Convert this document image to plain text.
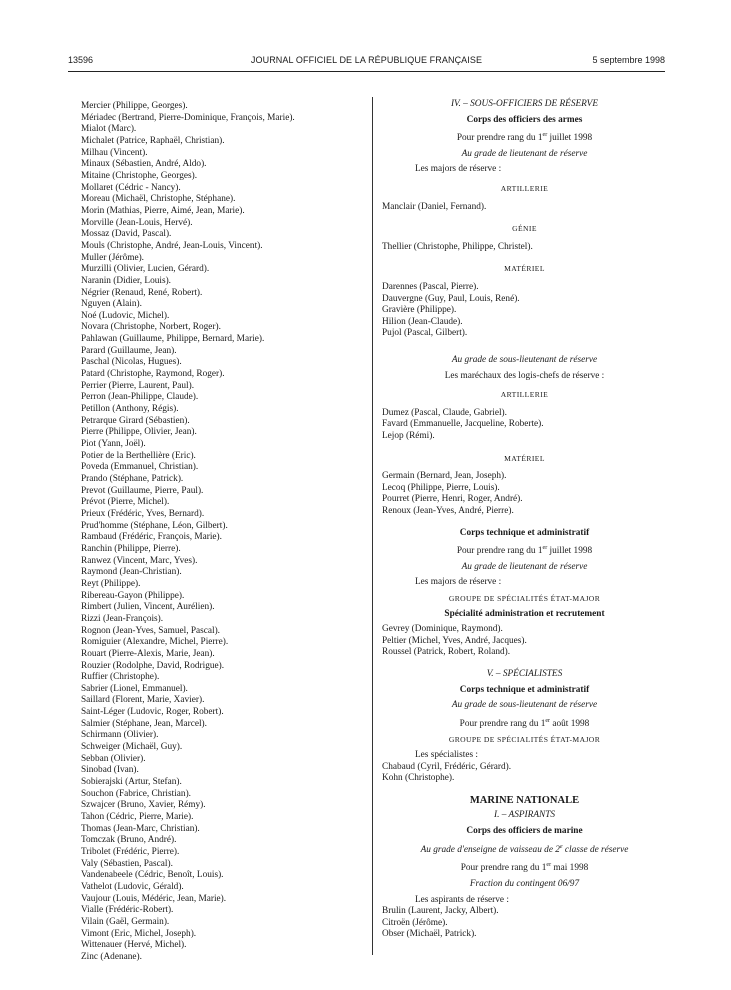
13596	JOURNAL OFFICIEL DE LA RÉPUBLIQUE FRANÇAISE	5 septembre 1998
Mercier (Philippe, Georges).
Mériadec (Bertrand, Pierre-Dominique, François, Marie).
Mialot (Marc).
Michalet (Patrice, Raphaël, Christian).
Milhau (Vincent).
Minaux (Sébastien, André, Aldo).
Mitaine (Christophe, Georges).
Mollaret (Cédric - Nancy).
Moreau (Michaël, Christophe, Stéphane).
Morin (Mathias, Pierre, Aimé, Jean, Marie).
Morville (Jean-Louis, Hervé).
Mossaz (David, Pascal).
Mouls (Christophe, André, Jean-Louis, Vincent).
Muller (Jérôme).
Murzilli (Olivier, Lucien, Gérard).
Naranin (Didier, Louis).
Négrier (Renaud, René, Robert).
Nguyen (Alain).
Noé (Ludovic, Michel).
Novara (Christophe, Norbert, Roger).
Pahlawan (Guillaume, Philippe, Bernard, Marie).
Parard (Guillaume, Jean).
Paschal (Nicolas, Hugues).
Patard (Christophe, Raymond, Roger).
Perrier (Pierre, Laurent, Paul).
Perron (Jean-Philippe, Claude).
Petillon (Anthony, Régis).
Petrarque Girard (Sébastien).
Pierre (Philippe, Olivier, Jean).
Piot (Yann, Joël).
Potier de la Berthellière (Eric).
Poveda (Emmanuel, Christian).
Prando (Stéphane, Patrick).
Prevot (Guillaume, Pierre, Paul).
Prévot (Pierre, Michel).
Prieux (Frédéric, Yves, Bernard).
Prud'homme (Stéphane, Léon, Gilbert).
Rambaud (Frédéric, François, Marie).
Ranchin (Philippe, Pierre).
Ranwez (Vincent, Marc, Yves).
Raymond (Jean-Christian).
Reyt (Philippe).
Ribereau-Gayon (Philippe).
Rimbert (Julien, Vincent, Aurélien).
Rizzi (Jean-François).
Rognon (Jean-Yves, Samuel, Pascal).
Romiguier (Alexandre, Michel, Pierre).
Rouart (Pierre-Alexis, Marie, Jean).
Rouzier (Rodolphe, David, Rodrigue).
Ruffier (Christophe).
Sabrier (Lionel, Emmanuel).
Saillard (Florent, Marie, Xavier).
Saint-Léger (Ludovic, Roger, Robert).
Salmier (Stéphane, Jean, Marcel).
Schirmann (Olivier).
Schweiger (Michaël, Guy).
Sebban (Olivier).
Sinobad (Ivan).
Sobierajski (Artur, Stefan).
Souchon (Fabrice, Christian).
Szwajcer (Bruno, Xavier, Rémy).
Tahon (Cédric, Pierre, Marie).
Thomas (Jean-Marc, Christian).
Tomczak (Bruno, André).
Tribolet (Frédéric, Pierre).
Valy (Sébastien, Pascal).
Vandenabeele (Cédric, Benoît, Louis).
Vathelot (Ludovic, Gérald).
Vaujour (Louis, Médéric, Jean, Marie).
Vialle (Frédéric-Robert).
Vilain (Gaël, Germain).
Vimont (Eric, Michel, Joseph).
Wittenauer (Hervé, Michel).
Zinc (Adenane).
IV. – SOUS-OFFICIERS DE RÉSERVE
Corps des officiers des armes
Pour prendre rang du 1er juillet 1998
Au grade de lieutenant de réserve
Les majors de réserve :
ARTILLERIE
Manclair (Daniel, Fernand).
GÉNIE
Thellier (Christophe, Philippe, Christel).
MATÉRIEL
Darennes (Pascal, Pierre).
Dauvergne (Guy, Paul, Louis, René).
Gravière (Philippe).
Hilion (Jean-Claude).
Pujol (Pascal, Gilbert).
Au grade de sous-lieutenant de réserve
Les maréchaux des logis-chefs de réserve :
ARTILLERIE
Dumez (Pascal, Claude, Gabriel).
Favard (Emmanuelle, Jacqueline, Roberte).
Lejop (Rémi).
MATÉRIEL
Germain (Bernard, Jean, Joseph).
Lecoq (Philippe, Pierre, Louis).
Pourret (Pierre, Henri, Roger, André).
Renoux (Jean-Yves, André, Pierre).
Corps technique et administratif
Pour prendre rang du 1er juillet 1998
Au grade de lieutenant de réserve
Les majors de réserve :
GROUPE DE SPÉCIALITÉS ÉTAT-MAJOR
Spécialité administration et recrutement
Gevrey (Dominique, Raymond).
Peltier (Michel, Yves, André, Jacques).
Roussel (Patrick, Robert, Roland).
V. – SPÉCIALISTES
Corps technique et administratif
Au grade de sous-lieutenant de réserve
Pour prendre rang du 1er août 1998
GROUPE DE SPÉCIALITÉS ÉTAT-MAJOR
Les spécialistes :
Chabaud (Cyril, Frédéric, Gérard).
Kohn (Christophe).
MARINE NATIONALE
I. – ASPIRANTS
Corps des officiers de marine
Au grade d'enseigne de vaisseau de 2e classe de réserve
Pour prendre rang du 1er mai 1998
Fraction du contingent 06/97
Les aspirants de réserve :
Brulin (Laurent, Jacky, Albert).
Citroën (Jérôme).
Obser (Michaël, Patrick).
